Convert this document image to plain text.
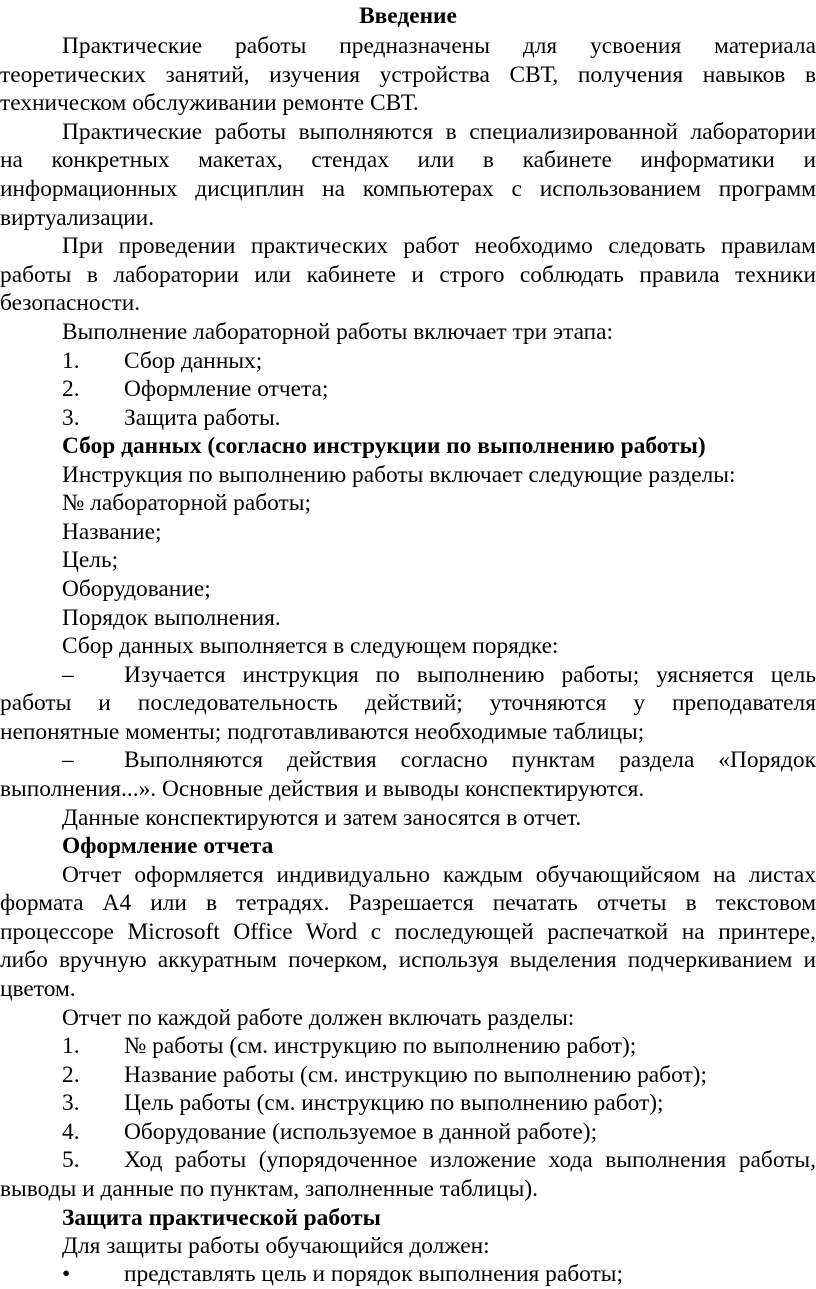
Введение
Практические работы предназначены для усвоения материала
теоретических занятий, изучения устройства СВТ, получения навыков в
техническом обслуживании ремонте СВТ.
Практические работы выполняются в специализированной лаборатории
на конкретных макетах, стендах или в кабинете информатики и
информационных дисциплин на компьютерах с использованием программ
виртуализации.
При проведении практических работ необходимо следовать правилам
работы в лаборатории или кабинете и строго соблюдать правила техники
безопасности.
Выполнение лабораторной работы включает три этапа:
1.	Сбор данных;
2.	Оформление отчета;
3.	Защита работы.
Сбор данных (согласно инструкции по выполнению работы)
Инструкция по выполнению работы включает следующие разделы:
№ лабораторной работы;
Название;
Цель;
Оборудование;
Порядок выполнения.
Сбор данных выполняется в следующем порядке:
–	Изучается инструкция по выполнению работы; уясняется цель
работы и последовательность действий; уточняются у преподавателя
непонятные моменты; подготавливаются необходимые таблицы;
–	Выполняются действия согласно пунктам раздела «Порядок
выполнения...». Основные действия и выводы конспектируются.
Данные конспектируются и затем заносятся в отчет.
Оформление отчета
Отчет оформляется индивидуально каждым обучающийсяом на листах
формата А4 или в тетрадях. Разрешается печатать отчеты в текстовом
процессоре Microsoft Office Word с последующей распечаткой на принтере,
либо вручную аккуратным почерком, используя выделения подчеркиванием и
цветом.
Отчет по каждой работе должен включать разделы:
1.	№ работы (см. инструкцию по выполнению работ);
2.	Название работы (см. инструкцию по выполнению работ);
3.	Цель работы (см. инструкцию по выполнению работ);
4.	Оборудование (используемое в данной работе);
5.	Ход работы (упорядоченное изложение хода выполнения работы,
выводы и данные по пунктам, заполненные таблицы).
Защита практической работы
Для защиты работы обучающийся должен:
•	представлять цель и порядок выполнения работы;
